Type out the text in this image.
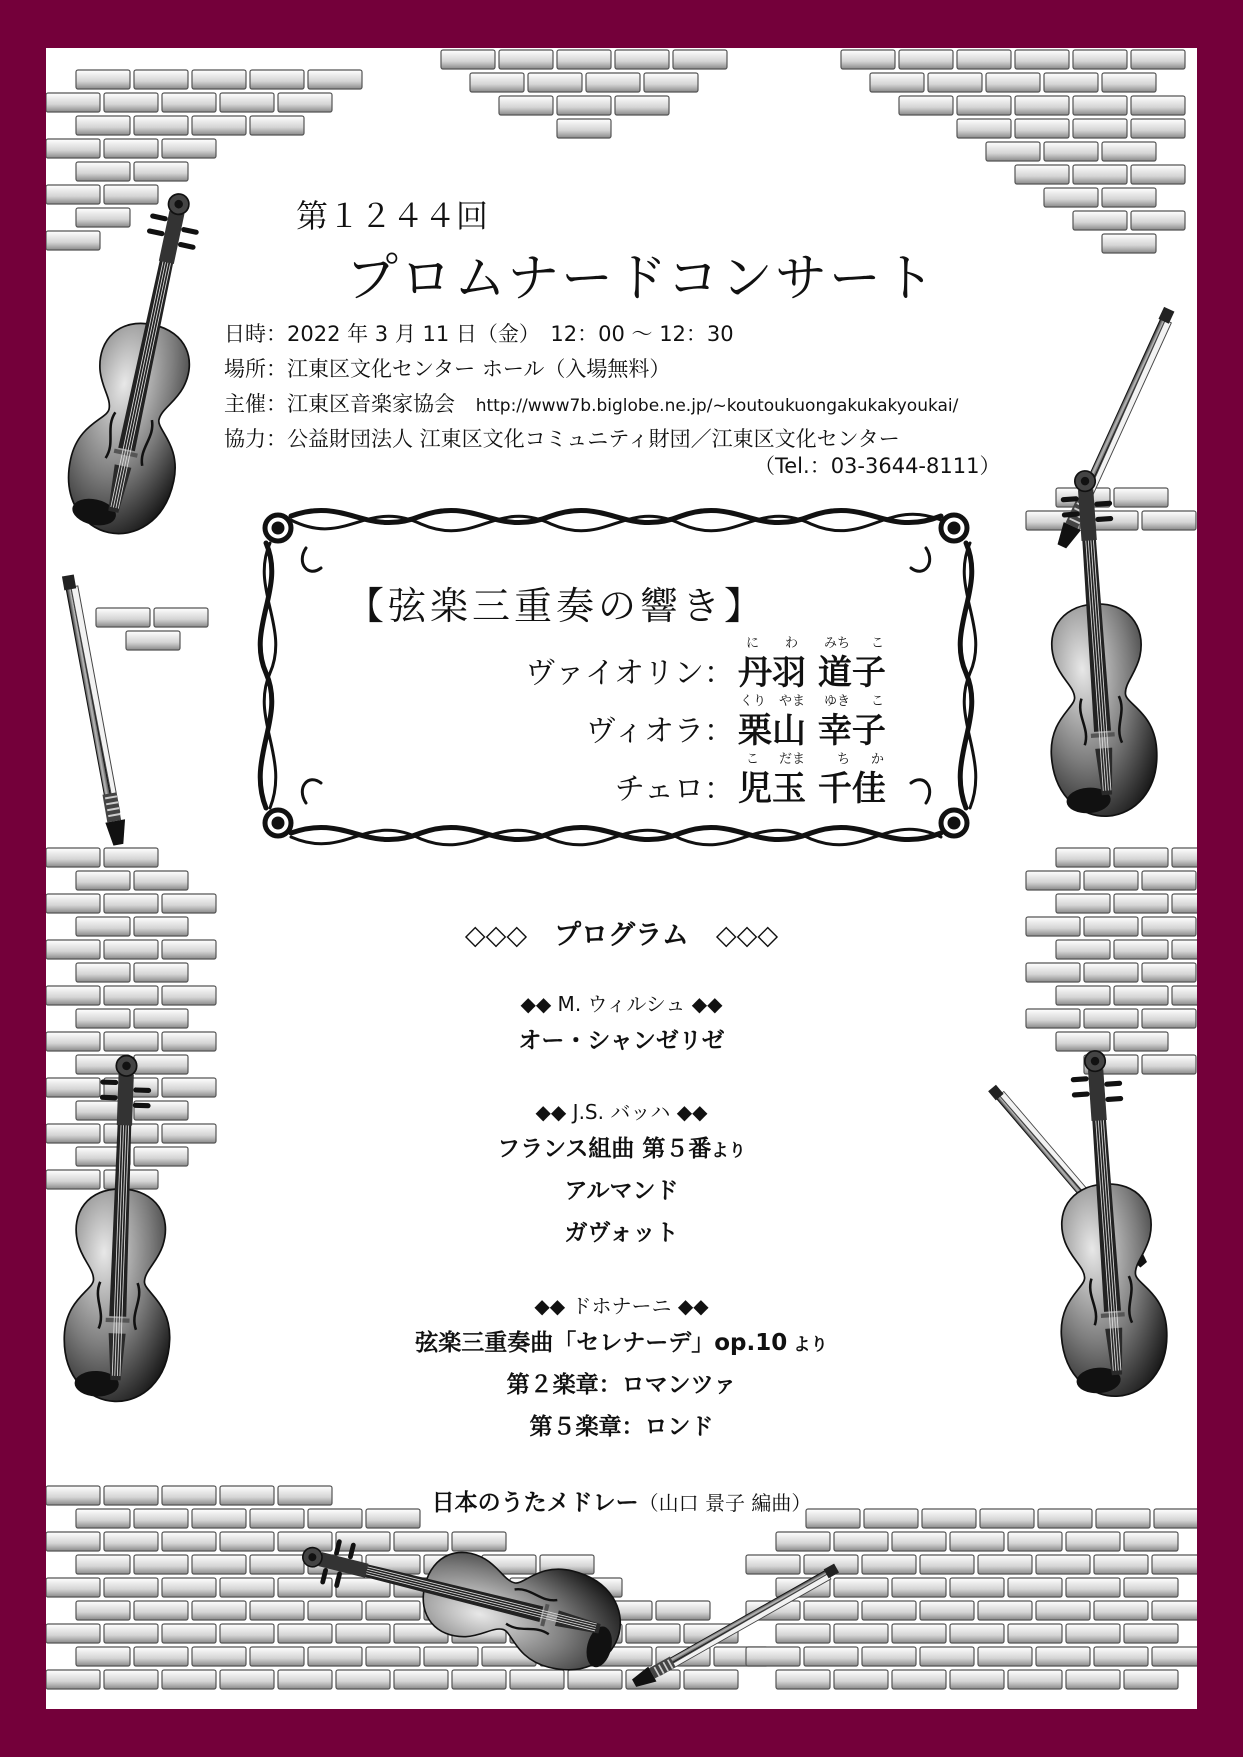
第１２４４回

プロムナードコンサート

日時：2022 年 3 月 11 日（金）　12：00 〜 12：30

場所：江東区文化センター ホール（入場無料）

主催：江東区音楽家協会 http://www7b.biglobe.ne.jp/~koutoukuongakukakyoukai/

協力：公益財団法人 江東区文化コミュニティ財団／江東区文化センター

（Tel.：03-3644-8111）

【弦楽三重奏の響き】

ヴァイオリン： 丹羽 道子
に わ みち こ
ヴィオラ： 栗山 幸子
くり やま ゆき こ
チェロ： 児玉 千佳
こ だま ち か

◇◇◇　プログラム　◇◇◇

◆◆ M. ウィルシュ ◆◆

オー・シャンゼリゼ

◆◆ J.S. バッハ ◆◆

フランス組曲 第５番より

アルマンド

ガヴォット

◆◆ ドホナーニ ◆◆

弦楽三重奏曲「セレナーデ」op.10 より

第２楽章：ロマンツァ

第５楽章：ロンド

日本のうたメドレー（山口 景子 編曲）
